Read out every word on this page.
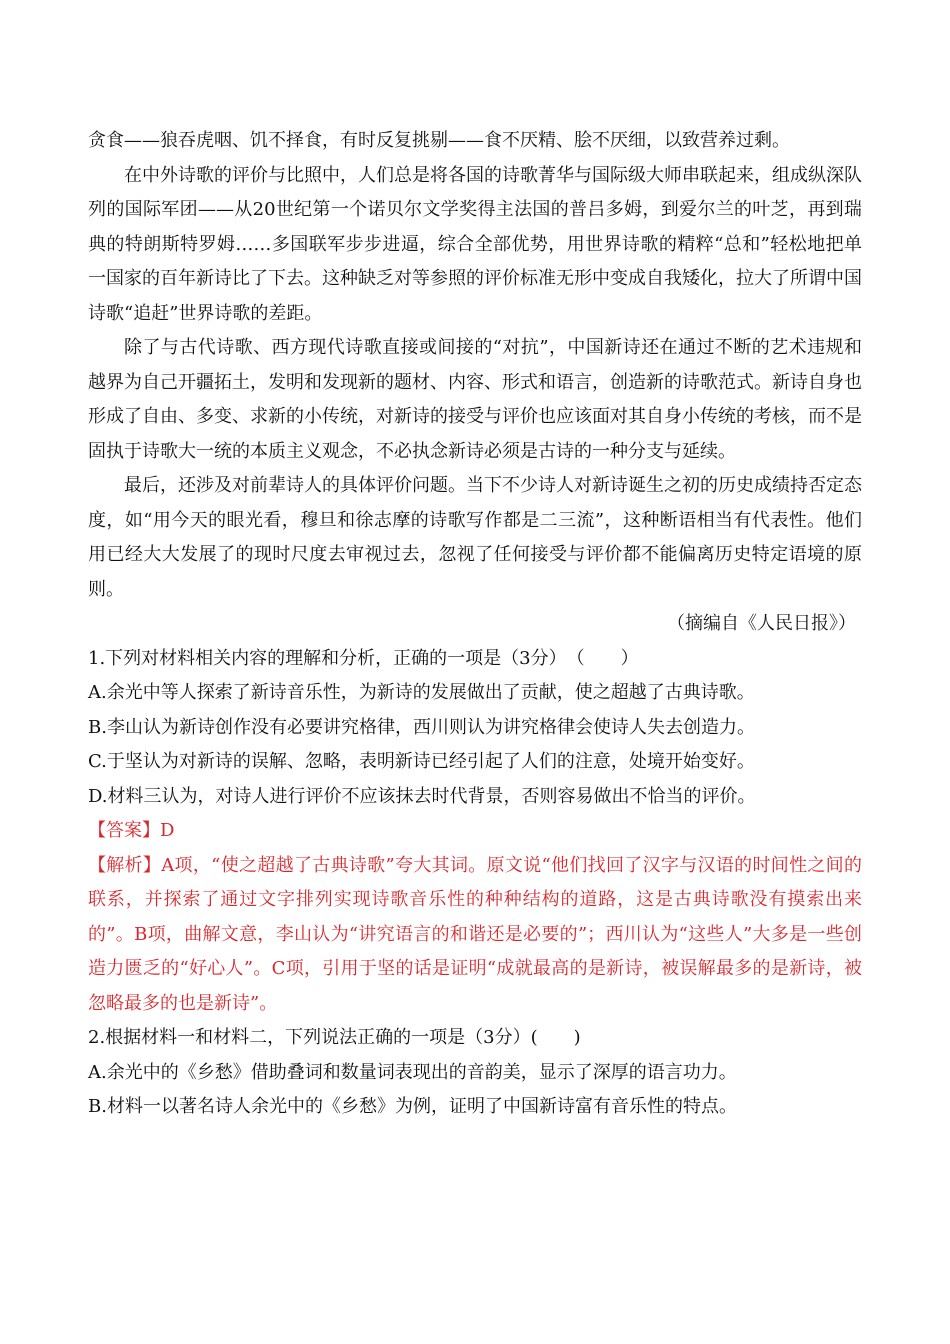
贪食——狼吞虎咽、饥不择食，有时反复挑剔——食不厌精、脍不厌细，以致营养过剩。

在中外诗歌的评价与比照中，人们总是将各国的诗歌菁华与国际级大师串联起来，组成纵深队列的国际军团——从20世纪第一个诺贝尔文学奖得主法国的普吕多姆，到爱尔兰的叶芝，再到瑞典的特朗斯特罗姆……多国联军步步进逼，综合全部优势，用世界诗歌的精粹“总和”轻松地把单一国家的百年新诗比了下去。这种缺乏对等参照的评价标准无形中变成自我矮化，拉大了所谓中国诗歌“追赶”世界诗歌的差距。

除了与古代诗歌、西方现代诗歌直接或间接的“对抗”，中国新诗还在通过不断的艺术违规和越界为自己开疆拓土，发明和发现新的题材、内容、形式和语言，创造新的诗歌范式。新诗自身也形成了自由、多变、求新的小传统，对新诗的接受与评价也应该面对其自身小传统的考核，而不是固执于诗歌大一统的本质主义观念，不必执念新诗必须是古诗的一种分支与延续。

最后，还涉及对前辈诗人的具体评价问题。当下不少诗人对新诗诞生之初的历史成绩持否定态度，如“用今天的眼光看，穆旦和徐志摩的诗歌写作都是二三流”，这种断语相当有代表性。他们用已经大大发展了的现时尺度去审视过去，忽视了任何接受与评价都不能偏离历史特定语境的原则。

（摘编自《人民日报》）

1.下列对材料相关内容的理解和分析，正确的一项是（3分）　（　　）

A.余光中等人探索了新诗音乐性，为新诗的发展做出了贡献，使之超越了古典诗歌。

B.李山认为新诗创作没有必要讲究格律，西川则认为讲究格律会使诗人失去创造力。

C.于坚认为对新诗的误解、忽略，表明新诗已经引起了人们的注意，处境开始变好。

D.材料三认为，对诗人进行评价不应该抹去时代背景，否则容易做出不恰当的评价。

【答案】D

【解析】A项，“使之超越了古典诗歌”夸大其词。原文说“他们找回了汉字与汉语的时间性之间的联系，并探索了通过文字排列实现诗歌音乐性的种种结构的道路，这是古典诗歌没有摸索出来的”。B项，曲解文意，李山认为“讲究语言的和谐还是必要的”；西川认为“这些人”大多是一些创造力匮乏的“好心人”。C项，引用于坚的话是证明“成就最高的是新诗，被误解最多的是新诗，被忽略最多的也是新诗”。

2.根据材料一和材料二，下列说法正确的一项是（3分）(　　)

A.余光中的《乡愁》借助叠词和数量词表现出的音韵美，显示了深厚的语言功力。

B.材料一以著名诗人余光中的《乡愁》为例，证明了中国新诗富有音乐性的特点。
